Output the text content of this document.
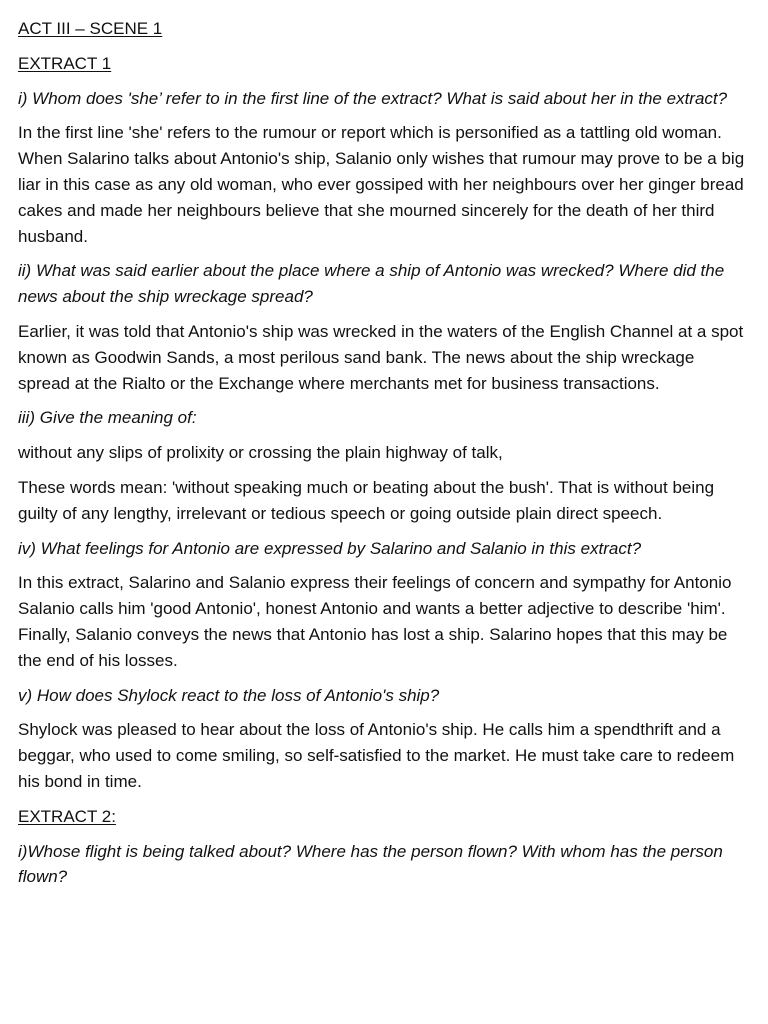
ACT III – SCENE 1

EXTRACT 1

i) Whom does 'she’ refer to in the first line of the extract? What is said about her in the extract?

In the first line 'she' refers to the rumour or report which is personified as a tattling old woman. When Salarino talks about Antonio's ship, Salanio only wishes that rumour may prove to be a big liar in this case as any old woman, who ever gossiped with her neighbours over her ginger bread cakes and made her neighbours believe that she mourned sincerely for the death of her third husband.

ii) What was said earlier about the place where a ship of Antonio was wrecked? Where did the news about the ship wreckage spread?

Earlier, it was told that Antonio's ship was wrecked in the waters of the English Channel at a spot known as Goodwin Sands, a most perilous sand bank. The news about the ship wreckage spread at the Rialto or the Exchange where merchants met for business transactions.

iii) Give the meaning of:

without any slips of prolixity or crossing the plain highway of talk,

These words mean: 'without speaking much or beating about the bush'. That is without being guilty of any lengthy, irrelevant or tedious speech or going outside plain direct speech.

iv) What feelings for Antonio are expressed by Salarino and Salanio in this extract?

In this extract, Salarino and Salanio express their feelings of concern and sympathy for Antonio Salanio calls him 'good Antonio', honest Antonio and wants a better adjective to describe 'him'. Finally, Salanio conveys the news that Antonio has lost a ship. Salarino hopes that this may be the end of his losses.

v) How does Shylock react to the loss of Antonio's ship?

Shylock was pleased to hear about the loss of Antonio's ship. He calls him a spendthrift and a beggar, who used to come smiling, so self-satisfied to the market. He must take care to redeem his bond in time.

EXTRACT 2:

i)Whose flight is being talked about? Where has the person flown? With whom has the person flown?
